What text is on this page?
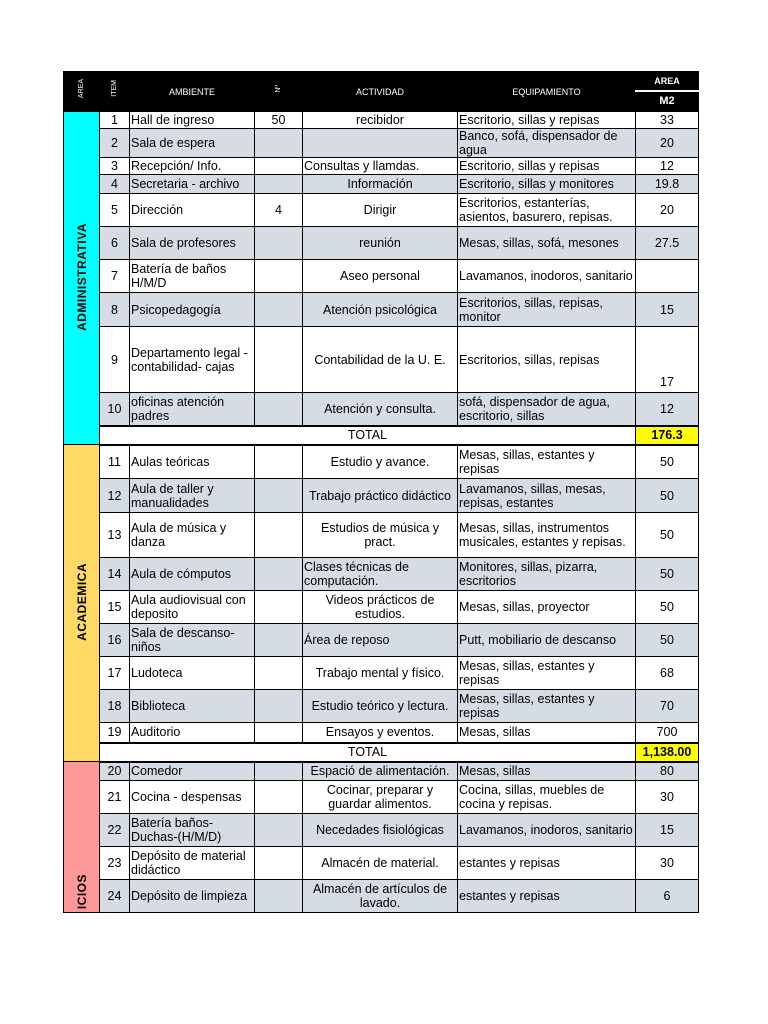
AREA	ITEM	AMBIENTE	Nº	ACTIVIDAD	EQUIPAMIENTO	AREA
						M2
ADMINISTRATIVA	1	Hall de ingreso	50	recibidor	Escritorio, sillas y repisas	33
	2	Sala de espera			Banco, sofá, dispensador de agua	20
	3	Recepción/ Info.		Consultas y llamdas.	Escritorio, sillas y repisas	12
	4	Secretaria - archivo		Información	Escritorio, sillas y monitores	19.8
	5	Dirección	4	Dirigir	Escritorios, estanterías, asientos, basurero, repisas.	20
	6	Sala de profesores		reunión	Mesas, sillas, sofá, mesones	27.5
	7	Batería de baños H/M/D		Aseo personal	Lavamanos, inodoros, sanitario	
	8	Psicopedagogía		Atención psicológica	Escritorios, sillas, repisas, monitor	15
	9	Departamento legal - contabilidad- cajas		Contabilidad de la U. E.	Escritorios, sillas, repisas	17
	10	oficinas atención padres		Atención y consulta.	sofá, dispensador de agua, escritorio, sillas	12
	TOTAL					176.3
ACADEMICA	11	Aulas teóricas		Estudio y avance.	Mesas, sillas, estantes y repisas	50
	12	Aula de taller y manualidades		Trabajo práctico didáctico	Lavamanos, sillas, mesas, repisas, estantes	50
	13	Aula de música y danza		Estudios de música y pract.	Mesas, sillas, instrumentos musicales, estantes y repisas.	50
	14	Aula de cómputos		Clases técnicas de computación.	Monitores, sillas, pizarra, escritorios	50
	15	Aula audiovisual con deposito		Videos prácticos de estudios.	Mesas, sillas, proyector	50
	16	Sala de descanso-niños		Área de reposo	Putt, mobiliario de descanso	50
	17	Ludoteca		Trabajo mental y físico.	Mesas, sillas, estantes y repisas	68
	18	Biblioteca		Estudio teórico y lectura.	Mesas, sillas, estantes y repisas	70
	19	Auditorio		Ensayos y eventos.	Mesas, sillas	700
	TOTAL					1,138.00
ICIOS	20	Comedor		Espació de alimentación.	Mesas, sillas	80
	21	Cocina - despensas		Cocinar, preparar y guardar alimentos.	Cocina, sillas, muebles de cocina y repisas.	30
	22	Batería baños-Duchas-(H/M/D)		Necedades fisiológicas	Lavamanos, inodoros, sanitario	15
	23	Depósito de material didáctico		Almacén de material.	estantes y repisas	30
	24	Depósito de limpieza		Almacén de artículos de lavado.	estantes y repisas	6
